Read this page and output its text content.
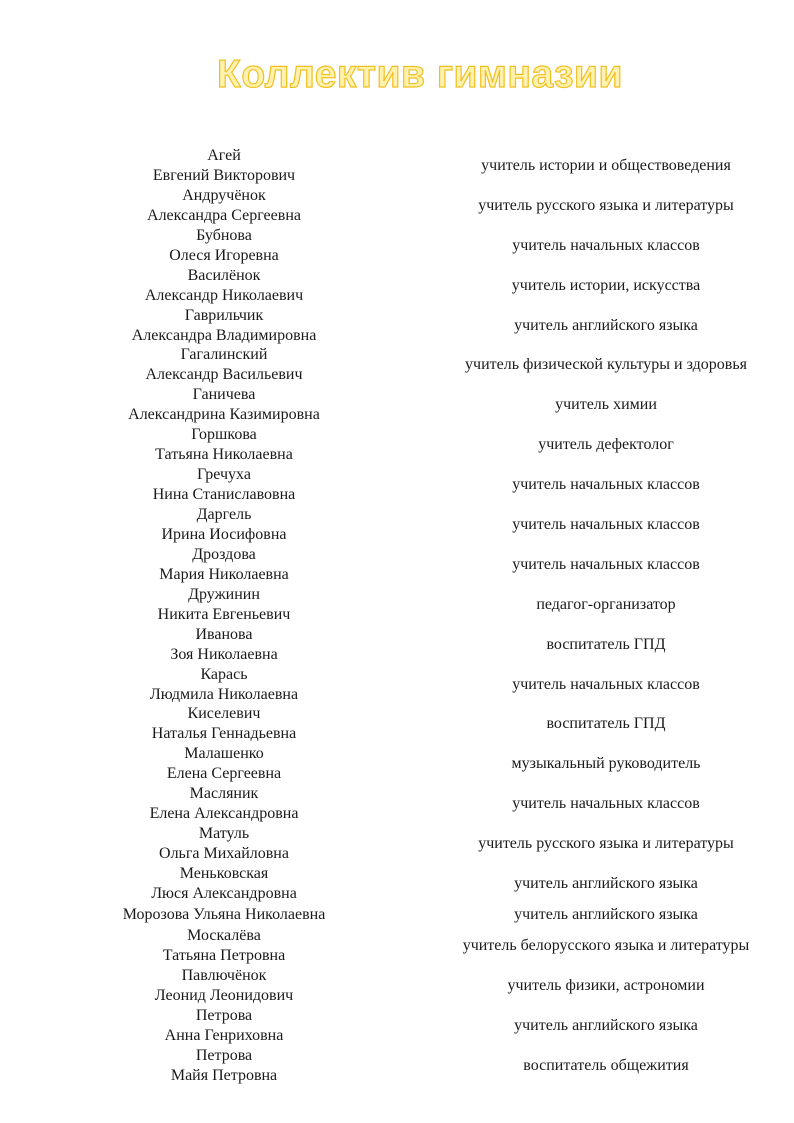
Коллектив гимназии
Агей
Евгений Викторович
учитель истории и обществоведения
Андручёнок
Александра Сергеевна
учитель русского языка и литературы
Бубнова
Олеся Игоревна
учитель начальных классов
Василёнок
Александр Николаевич
учитель истории, искусства
Гаврильчик
Александра Владимировна
учитель английского языка
Гагалинский
Александр Васильевич
учитель физической культуры и здоровья
Ганичева
Александрина Казимировна
учитель химии
Горшкова
Татьяна Николаевна
учитель дефектолог
Гречуха
Нина Станиславовна
учитель начальных классов
Даргель
Ирина Иосифовна
учитель начальных классов
Дроздова
Мария Николаевна
учитель начальных классов
Дружинин
Никита Евгеньевич
педагог-организатор
Иванова
Зоя Николаевна
воспитатель ГПД
Карась
Людмила Николаевна
учитель начальных классов
Киселевич
Наталья Геннадьевна
воспитатель ГПД
Малашенко
Елена Сергеевна
музыкальный руководитель
Масляник
Елена Александровна
учитель начальных классов
Матуль
Ольга Михайловна
учитель русского языка и литературы
Меньковская
Люся Александровна
учитель английского языка
Морозова Ульяна Николаевна	учитель английского языка
Москалёва
Татьяна Петровна
учитель белорусского языка и литературы
Павлючёнок
Леонид Леонидович
учитель физики, астрономии
Петрова
Анна Генриховна
учитель английского языка
Петрова
Майя Петровна
воспитатель общежития
